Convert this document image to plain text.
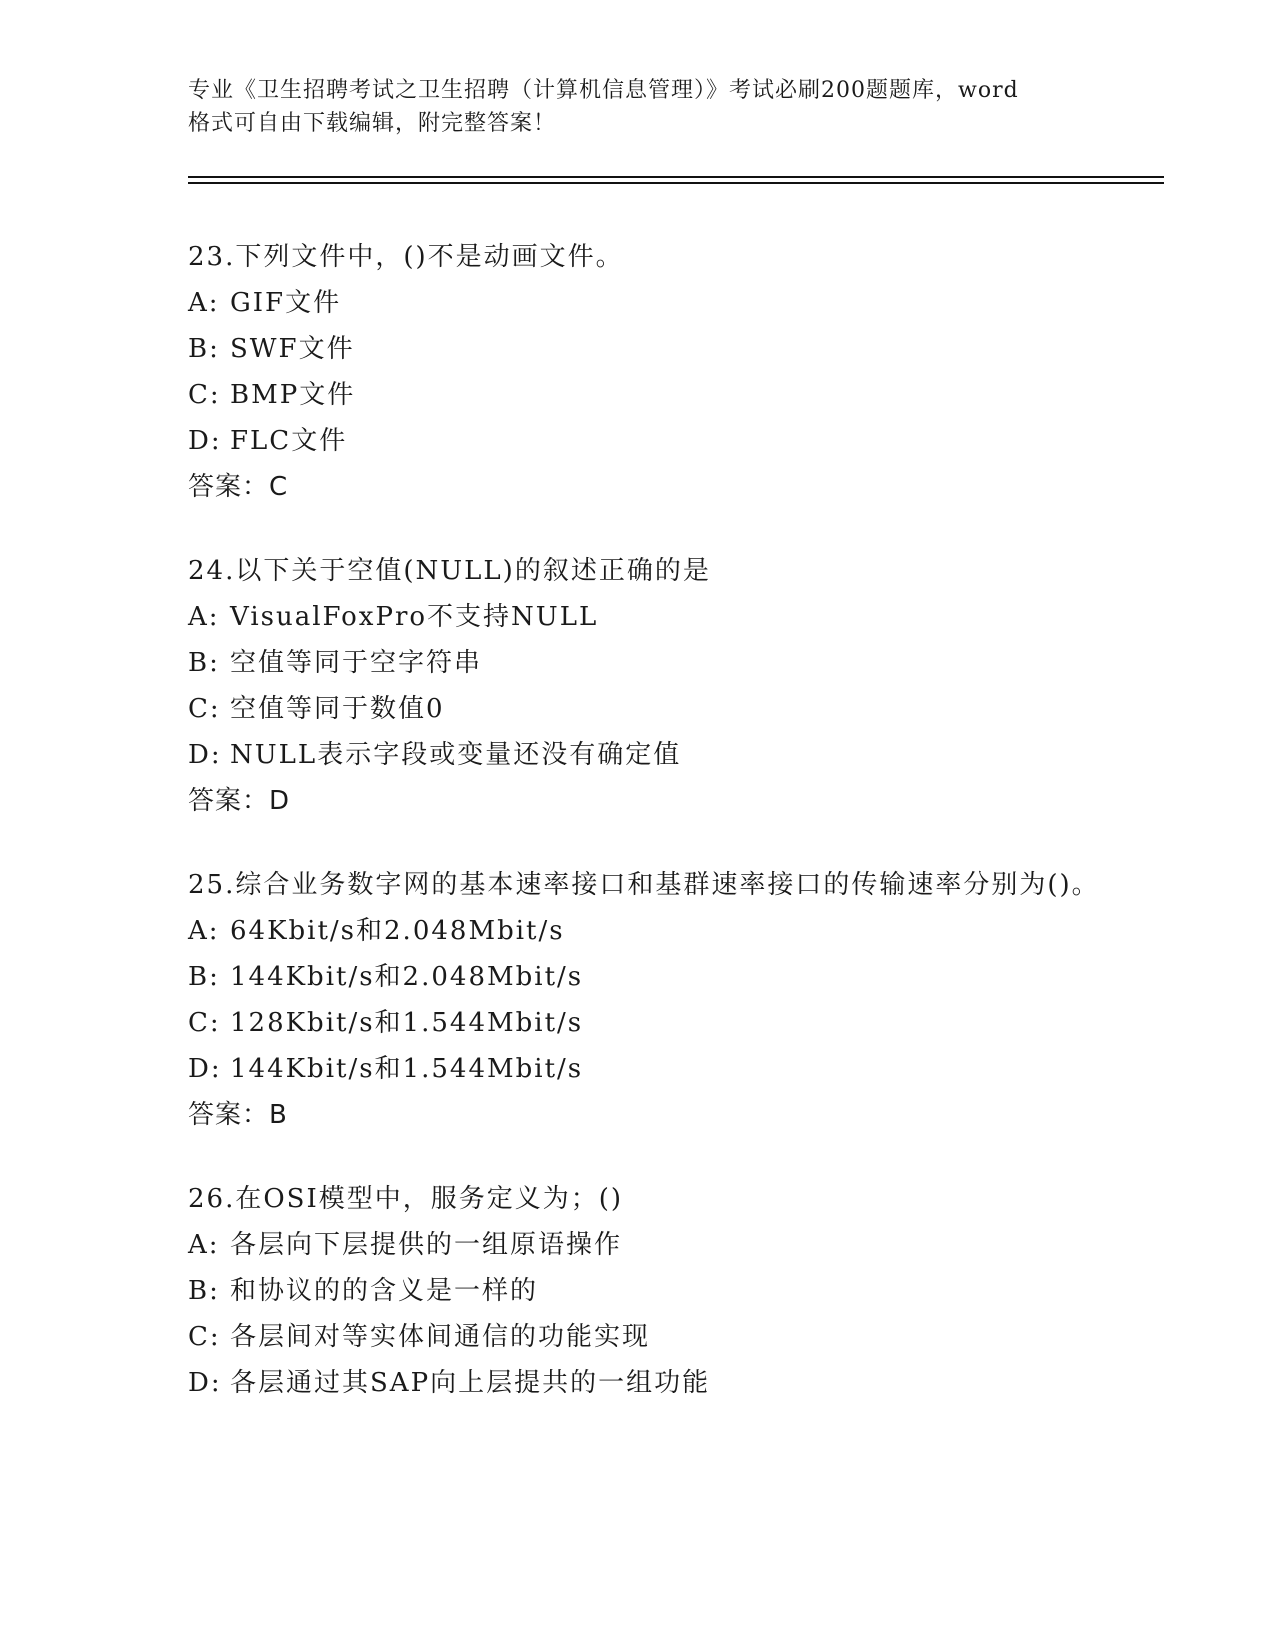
专业《卫生招聘考试之卫生招聘（计算机信息管理）》考试必刷200题题库，word

格式可自由下载编辑，附完整答案！

23.下列文件中，()不是动画文件。

A: GIF文件

B: SWF文件

C: BMP文件

D: FLC文件

答案：C

24.以下关于空值(NULL)的叙述正确的是

A: VisualFoxPro不支持NULL

B: 空值等同于空字符串

C: 空值等同于数值0

D: NULL表示字段或变量还没有确定值

答案：D

25.综合业务数字网的基本速率接口和基群速率接口的传输速率分别为()。

A: 64Kbit/s和2.048Mbit/s

B: 144Kbit/s和2.048Mbit/s

C: 128Kbit/s和1.544Mbit/s

D: 144Kbit/s和1.544Mbit/s

答案：B

26.在OSI模型中，服务定义为；()

A: 各层向下层提供的一组原语操作

B: 和协议的的含义是一样的

C: 各层间对等实体间通信的功能实现

D: 各层通过其SAP向上层提共的一组功能
